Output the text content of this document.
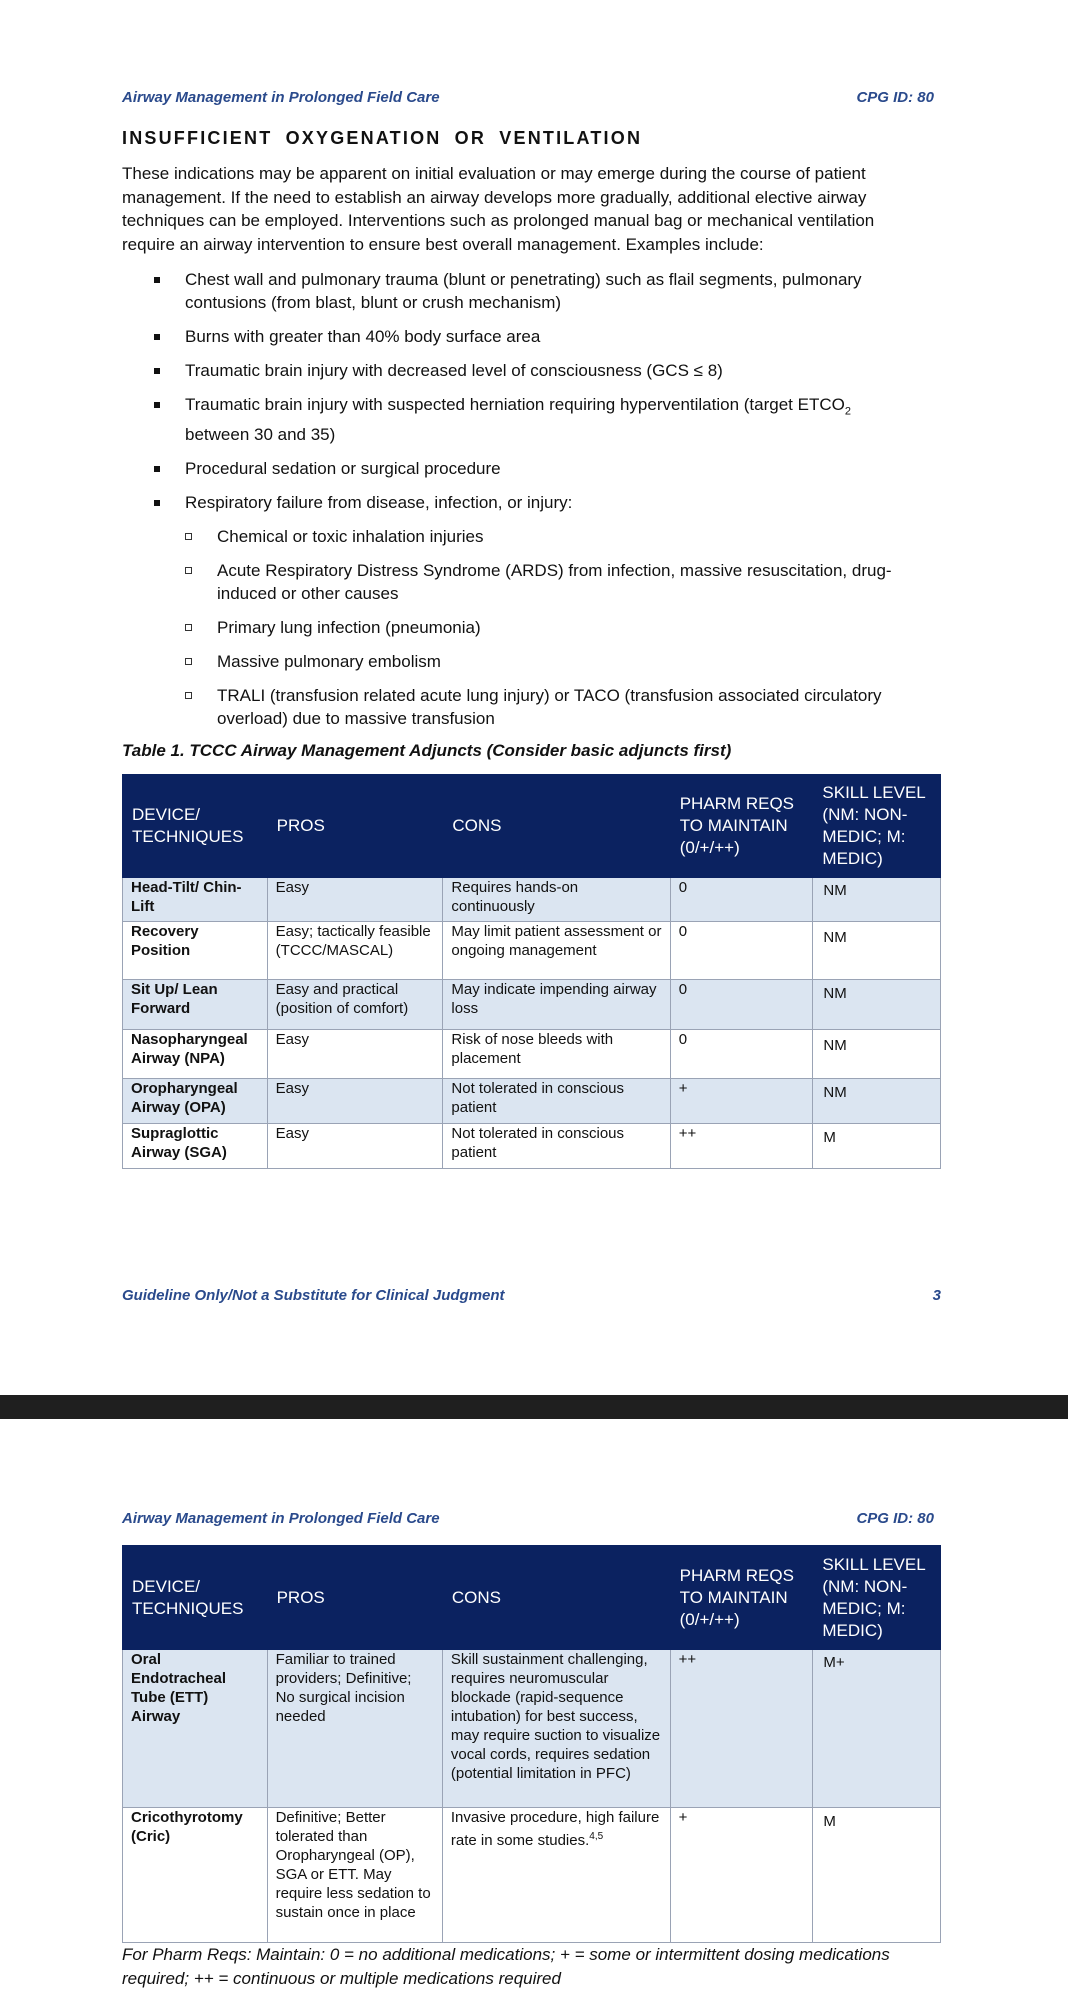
Airway Management in Prolonged Field Care	CPG ID: 80
INSUFFICIENT OXYGENATION OR VENTILATION
These indications may be apparent on initial evaluation or may emerge during the course of patient management. If the need to establish an airway develops more gradually, additional elective airway techniques can be employed. Interventions such as prolonged manual bag or mechanical ventilation require an airway intervention to ensure best overall management. Examples include:
Chest wall and pulmonary trauma (blunt or penetrating) such as flail segments, pulmonary contusions (from blast, blunt or crush mechanism)
Burns with greater than 40% body surface area
Traumatic brain injury with decreased level of consciousness (GCS ≤ 8)
Traumatic brain injury with suspected herniation requiring hyperventilation (target $ETCO_2$
between 30 and 35)
Procedural sedation or surgical procedure
Respiratory failure from disease, infection, or injury:
Chemical or toxic inhalation injuries
Acute Respiratory Distress Syndrome (ARDS) from infection, massive resuscitation, drug-induced or other causes
Primary lung infection (pneumonia)
Massive pulmonary embolism
TRALI (transfusion related acute lung injury) or TACO (transfusion associated circulatory overload) due to massive transfusion
Table 1. TCCC Airway Management Adjuncts (Consider basic adjuncts first)
DEVICE/ TECHNIQUES	PROS	CONS	PHARM REQS TO MAINTAIN (0/+/++)	SKILL LEVEL (NM: NON-MEDIC; M: MEDIC)
Head-Tilt/ Chin-Lift	Easy	Requires hands-on continuously	0	NM
Recovery Position	Easy; tactically feasible (TCCC/MASCAL)	May limit patient assessment or ongoing management	0	NM
Sit Up/ Lean Forward	Easy and practical (position of comfort)	May indicate impending airway loss	0	NM
Nasopharyngeal Airway (NPA)	Easy	Risk of nose bleeds with placement	0	NM
Oropharyngeal Airway (OPA)	Easy	Not tolerated in conscious patient	+	NM
Supraglottic Airway (SGA)	Easy	Not tolerated in conscious patient	++	M
Guideline Only/Not a Substitute for Clinical Judgment	3
Airway Management in Prolonged Field Care	CPG ID: 80
DEVICE/ TECHNIQUES	PROS	CONS	PHARM REQS TO MAINTAIN (0/+/++)	SKILL LEVEL (NM: NON-MEDIC; M: MEDIC)
Oral Endotracheal Tube (ETT) Airway	Familiar to trained providers; Definitive; No surgical incision needed	Skill sustainment challenging, requires neuromuscular blockade (rapid-sequence intubation) for best success, may require suction to visualize vocal cords, requires sedation (potential limitation in PFC)	++	M+
Cricothyrotomy (Cric)	Definitive; Better tolerated than Oropharyngeal (OP), SGA or ETT. May require less sedation to sustain once in place	Invasive procedure, high failure rate in some studies.$^{4,5}$	+	M
For Pharm Reqs: Maintain: 0 = no additional medications; + = some or intermittent dosing medications required; ++ = continuous or multiple medications required
